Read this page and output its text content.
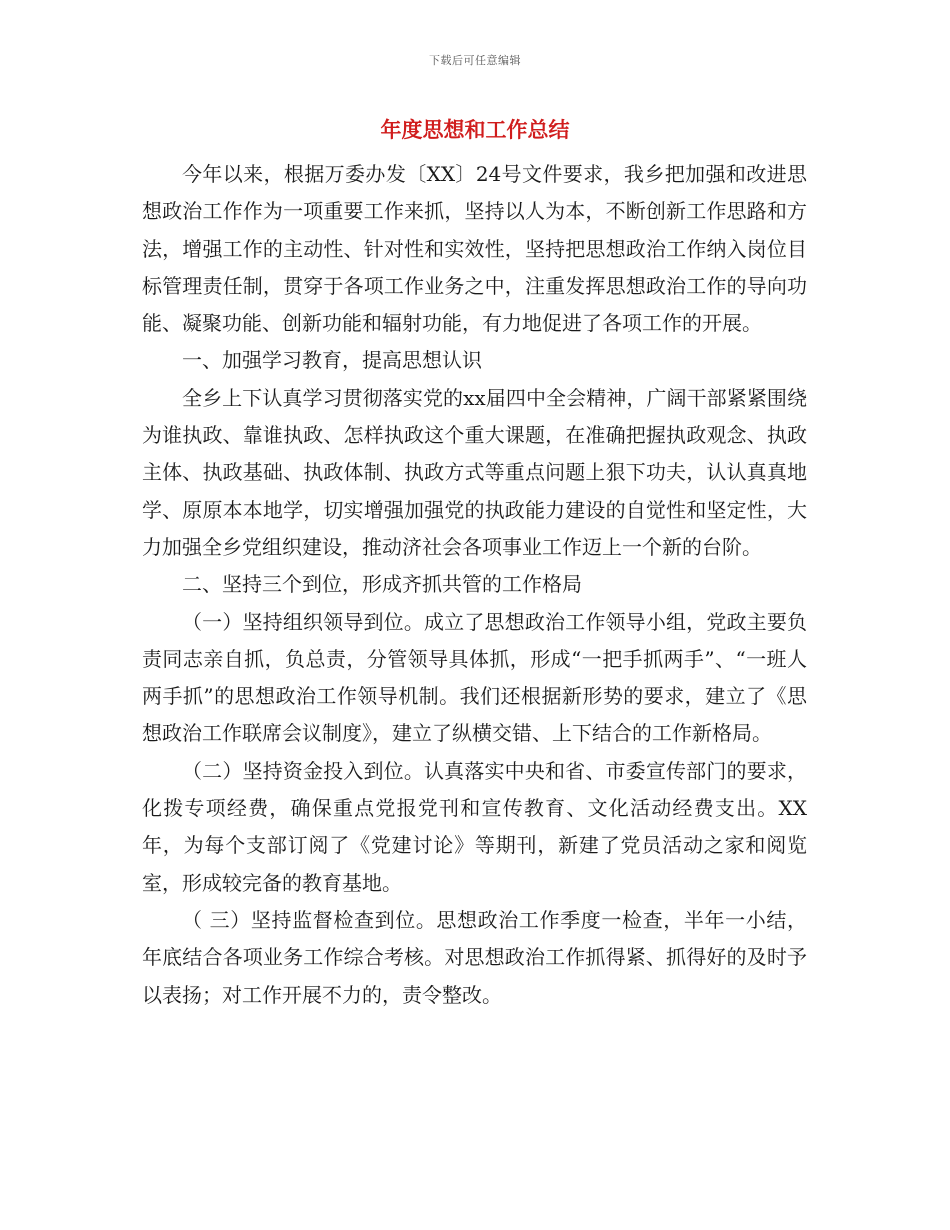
下载后可任意编辑
年度思想和工作总结

今年以来，根据万委办发〔XX〕24号文件要求，我乡把加强和改进思想政治工作作为一项重要工作来抓，坚持以人为本，不断创新工作思路和方法，增强工作的主动性、针对性和实效性，坚持把思想政治工作纳入岗位目标管理责任制，贯穿于各项工作业务之中，注重发挥思想政治工作的导向功能、凝聚功能、创新功能和辐射功能，有力地促进了各项工作的开展。

一、加强学习教育，提高思想认识

全乡上下认真学习贯彻落实党的xx届四中全会精神，广阔干部紧紧围绕为谁执政、靠谁执政、怎样执政这个重大课题，在准确把握执政观念、执政主体、执政基础、执政体制、执政方式等重点问题上狠下功夫，认认真真地学、原原本本地学，切实增强加强党的执政能力建设的自觉性和坚定性，大力加强全乡党组织建设，推动济社会各项事业工作迈上一个新的台阶。

二、坚持三个到位，形成齐抓共管的工作格局

（一）坚持组织领导到位。成立了思想政治工作领导小组，党政主要负责同志亲自抓，负总责，分管领导具体抓，形成“一把手抓两手”、“一班人两手抓”的思想政治工作领导机制。我们还根据新形势的要求，建立了《思想政治工作联席会议制度》，建立了纵横交错、上下结合的工作新格局。

（二）坚持资金投入到位。认真落实中央和省、市委宣传部门的要求，化拨专项经费，确保重点党报党刊和宣传教育、文化活动经费支出。XX年，为每个支部订阅了《党建讨论》等期刊，新建了党员活动之家和阅览室，形成较完备的教育基地。

（ 三）坚持监督检查到位。思想政治工作季度一检查，半年一小结，年底结合各项业务工作综合考核。对思想政治工作抓得紧、抓得好的及时予以表扬；对工作开展不力的，责令整改。
